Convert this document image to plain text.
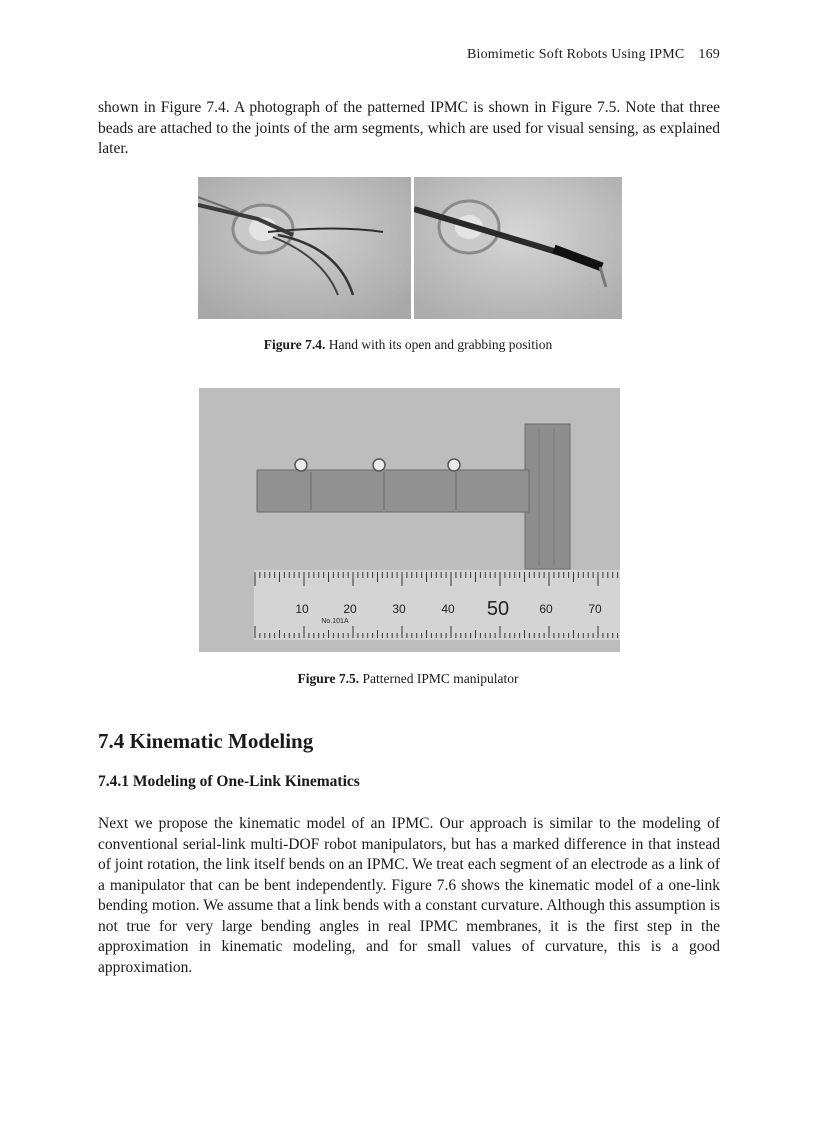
Biomimetic Soft Robots Using IPMC 169

shown in Figure 7.4. A photograph of the patterned IPMC is shown in Figure 7.5. Note that three beads are attached to the joints of the arm segments, which are used for visual sensing, as explained later.

Figure 7.4. Hand with its open and grabbing position
10	20	30	40 50	60	70
No.101A
Figure 7.5. Patterned IPMC manipulator
7.4 Kinematic Modeling
7.4.1 Modeling of One-Link Kinematics

Next we propose the kinematic model of an IPMC. Our approach is similar to the modeling of conventional serial-link multi-DOF robot manipulators, but has a marked difference in that instead of joint rotation, the link itself bends on an IPMC. We treat each segment of an electrode as a link of a manipulator that can be bent independently. Figure 7.6 shows the kinematic model of a one-link bending motion. We assume that a link bends with a constant curvature. Although this assumption is not true for very large bending angles in real IPMC membranes, it is the first step in the approximation in kinematic modeling, and for small values of curvature, this is a good approximation.
